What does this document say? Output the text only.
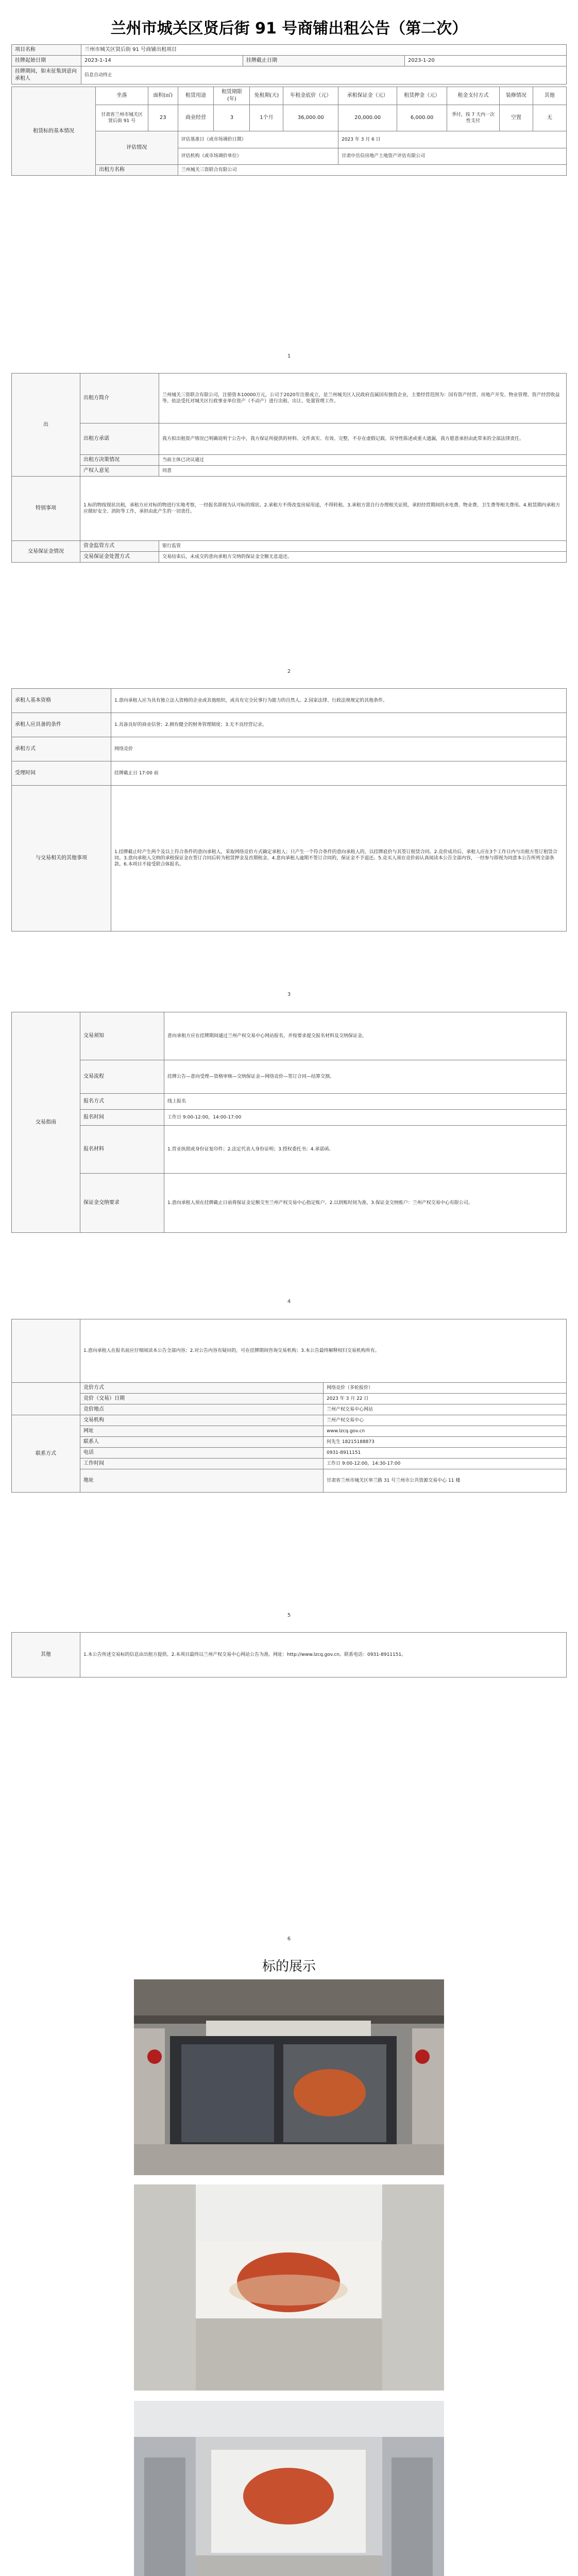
兰州市城关区贤后街 91 号商铺出租公告（第二次）
项目名称	兰州市城关区贤后街 91 号商铺出租项目		
挂牌起始日期	2023-1-14	挂牌截止日期	2023-1-20
挂牌期间，如未征集到意向承租人	信息自动终止		
租赁标的基本情况	坐落	面积(㎡)	租赁用途	租赁期限(年)	免租期(天)	年租金底价（元）	承租保证金（元）	租赁押金（元）	租金支付方式	装修情况	其他
	甘肃省兰州市城关区贤后街 91 号	23	商业经营	3	1个月	36,000.00	20,000.00	6,000.00	季付，按 7 天内一次性支付	空置	无
	评估情况		评估基准日（或市场调价日期）				2023 年 3 月 6 日				
			评估机构（或市场调价单位）				甘肃中岳信房地产土地资产评估有限公司				
	出租方名称		兰州城关三资联合有限公司								
1
出	出租方简介	兰州城关三资联合有限公司，注册资本10000万元，公司于2020年注册成立，是兰州城关区人民政府直属国有独资企业，主要经营范围为：国有资产经营、房地产开发、物业管理、资产经营收益等。依法受托对城关区行政事业单位资产（不动产）进行出租、出让、处置管理工作。
	出租方承诺	我方拟出租资产情况已明确说明于公告中，我方保证所提供的材料、文件真实、有效、完整，不存在虚假记载、误导性陈述或重大遗漏，我方愿意承担由此带来的全部法律责任。
	出租方决策情况	当前主体已决议通过
	产权人意见	同意
特别事项	1.标的物按现状出租，承租方应对标的物进行实地考察，一经报名即视为认可标的现状。2.承租方不得改变房屋用途，不得转租。3.承租方需自行办理相关证照，承担经营期间的水电费、物业费、卫生费等相关费用。4.租赁期内承租方应做好安全、消防等工作，承担由此产生的一切责任。	
交易保证金情况	资金监管方式	银行监管
	交易保证金处置方式	交易结束后，未成交的意向承租方交纳的保证金全额无息退还。
2
承租人基本资格	1.意向承租人应为具有独立法人资格的企业或其他组织，或具有完全民事行为能力的自然人。2.国家法律、行政法规规定的其他条件。
承租人应具备的条件	1.具备良好的商业信誉；2.拥有健全的财务管理制度；3.无不良经营记录。
承租方式	网络竞价
受理时间	挂牌截止日 17:00 前
与交易相关的其他事项	1.挂牌截止时产生两个及以上符合条件的意向承租人，采取网络竞价方式确定承租人；只产生一个符合条件的意向承租人的，以挂牌底价与其签订租赁合同。2.竞价成功后，承租人应在3个工作日内与出租方签订租赁合同。3.意向承租人交纳的承租保证金在签订合同后转为租赁押金及首期租金。4.意向承租人逾期不签订合同的，保证金不予退还。5.竞买人须在竞价前认真阅读本公告全部内容，一经参与即视为同意本公告所列全部条款。6.本项目不接受联合体报名。
3
交易指南	交易须知	意向承租方应在挂牌期间通过兰州产权交易中心网站报名，并按要求提交报名材料及交纳保证金。
	交易流程	挂牌公告—意向受理—资格审核—交纳保证金—网络竞价—签订合同—结算交割。
	报名方式	线上报名
	报名时间	工作日 9:00-12:00，14:00-17:00
	报名材料	1.营业执照或身份证复印件；2.法定代表人身份证明；3.授权委托书；4.承诺函。
	保证金交纳要求	1.意向承租人须在挂牌截止日前将保证金足额交至兰州产权交易中心指定账户。2.以到账时间为准。3.保证金交纳账户：兰州产权交易中心有限公司。
4
	1.意向承租人在报名前应仔细阅读本公告全部内容；2.对公告内容有疑问的，可在挂牌期间咨询交易机构；3.本公告最终解释权归交易机构所有。	
	竞价方式	网络竞价（多轮报价）
	竞价（交易）日期	2023 年 3 月 22 日
	竞价地点	兰州产权交易中心网站
联系方式	交易机构	兰州产权交易中心
	网址	www.lzcq.gov.cn
	联系人	何先生 18215188873
	电话	0931-8911151
	工作时间	工作日 9:00-12:00，14:30-17:00
	地址	甘肃省兰州市城关区皋兰路 31 号兰州市公共资源交易中心 11 楼
5
其他	1.本公告所述交易标的信息由出租方提供。2.本项目最终以兰州产权交易中心网站公告为准。网址：http://www.lzcq.gov.cn。联系电话：0931-8911151。
6
标的展示
